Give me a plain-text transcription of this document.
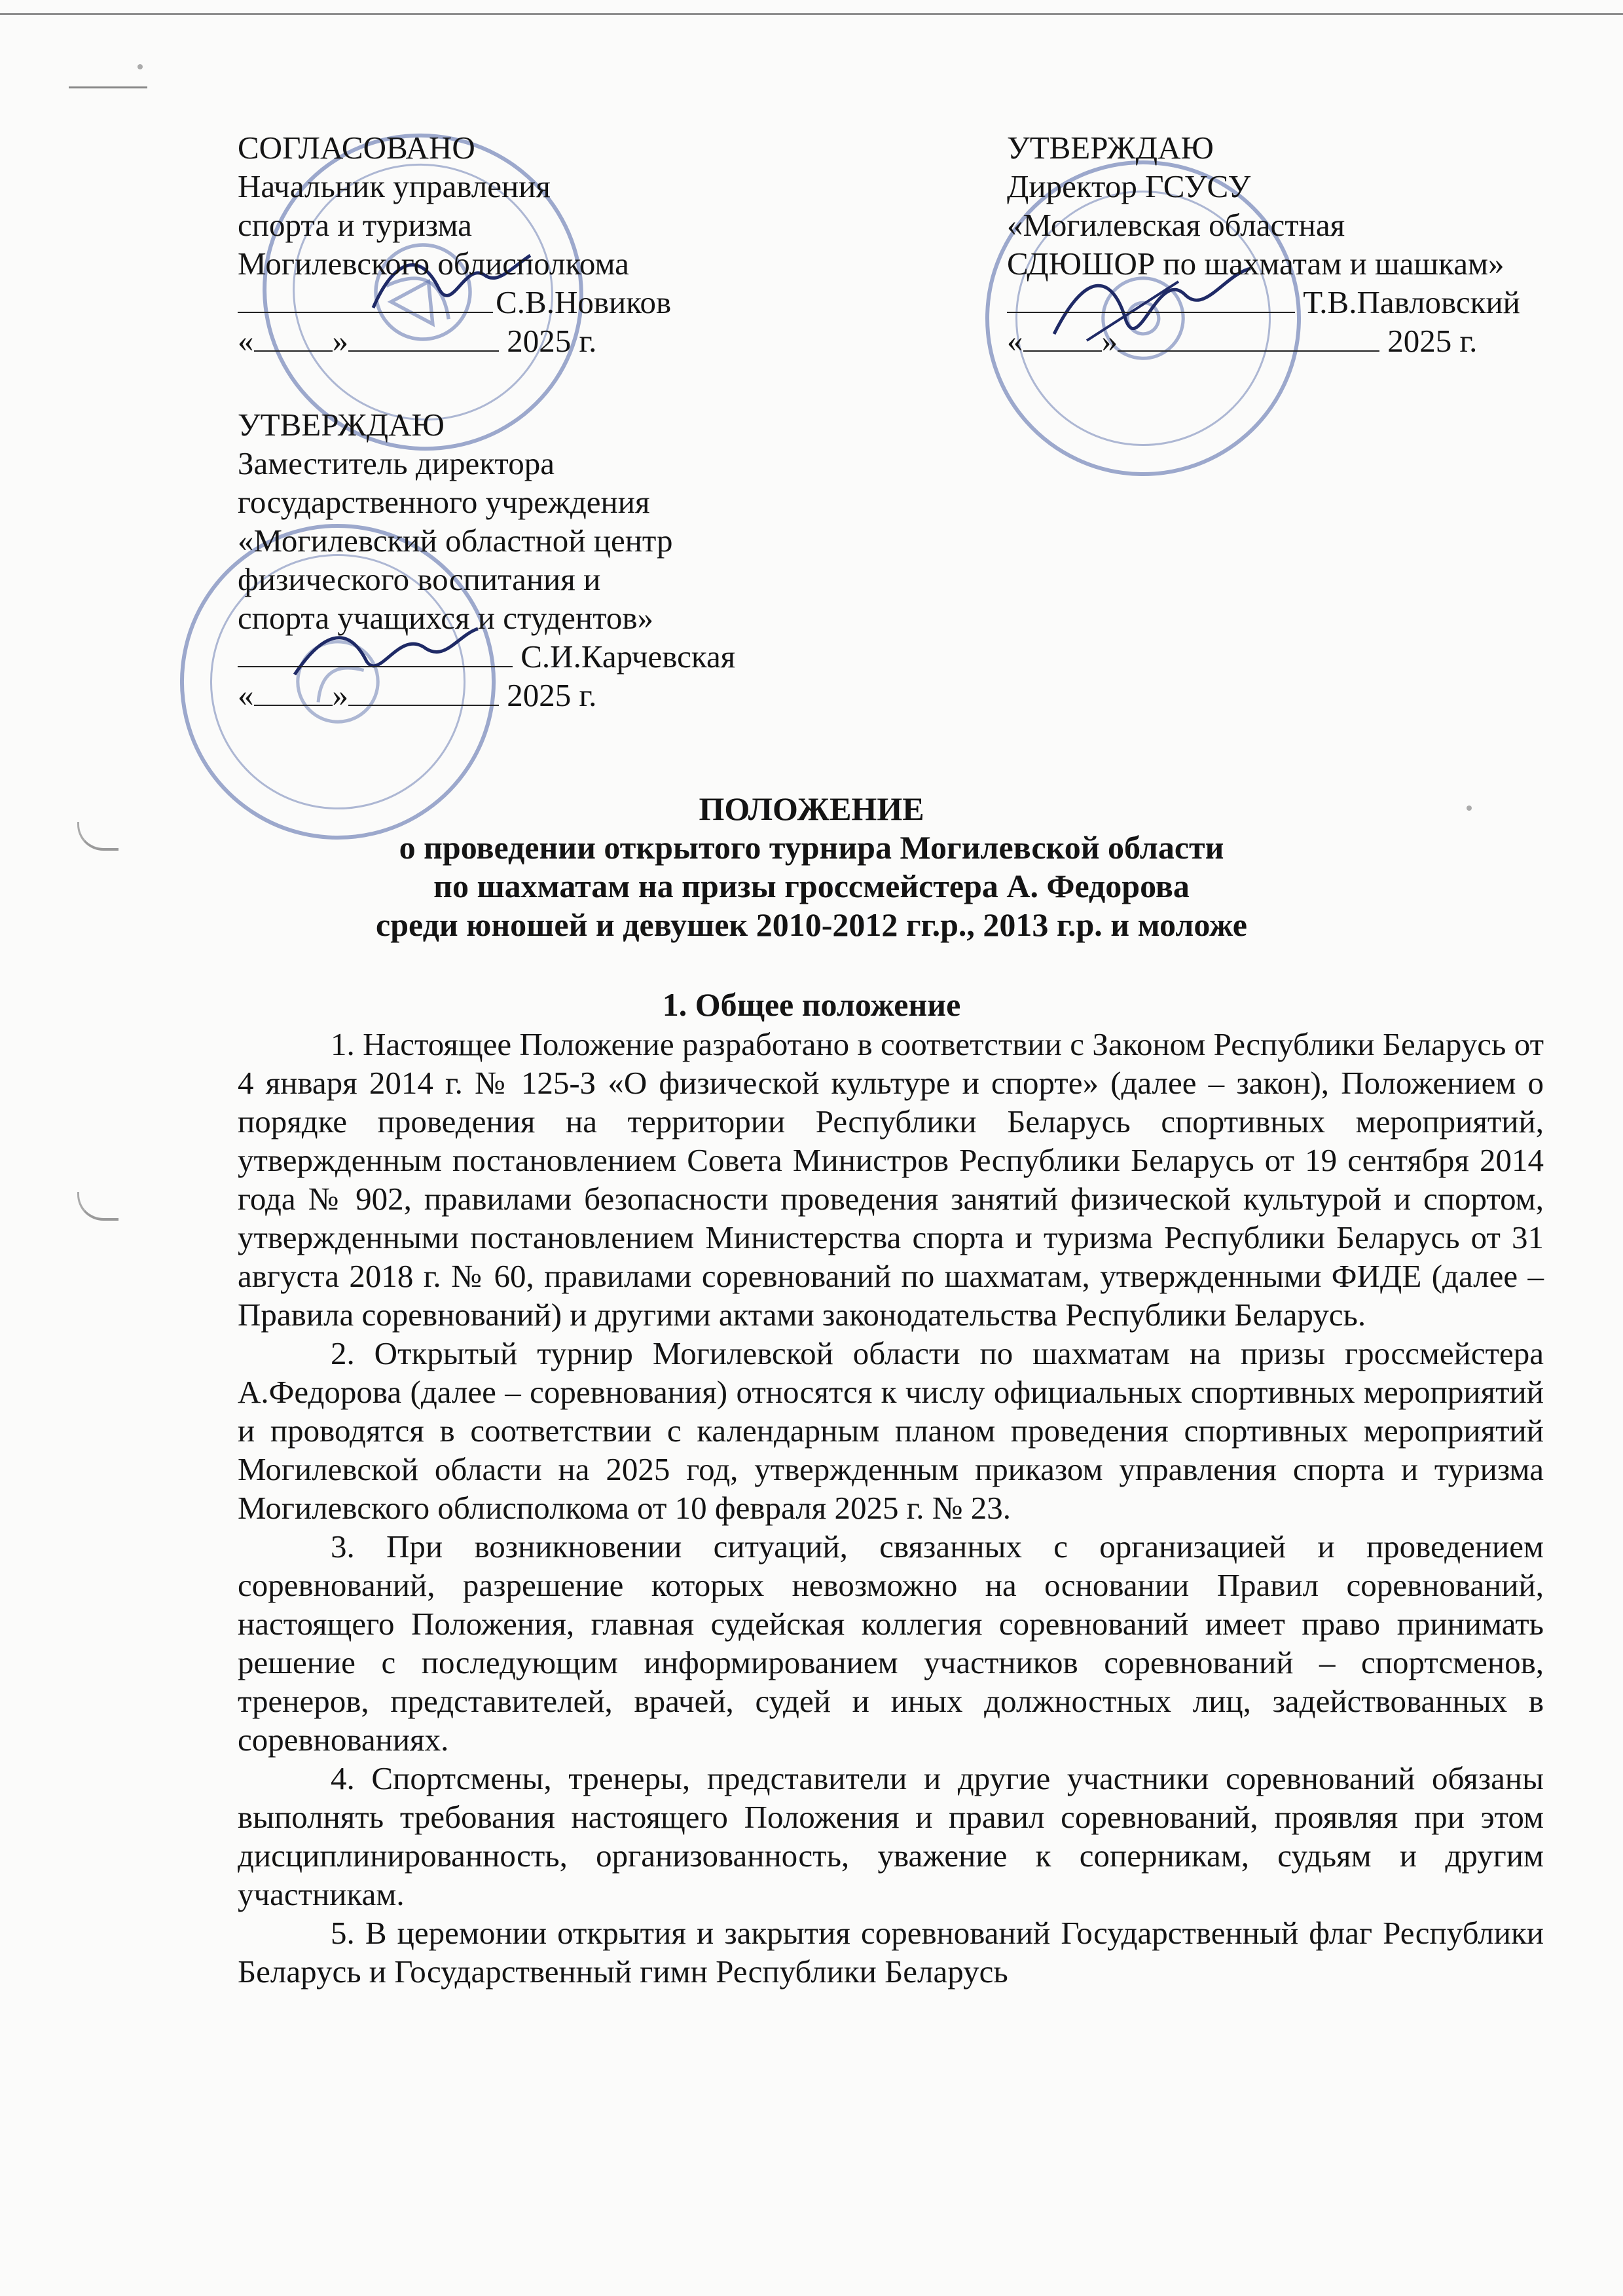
СОГЛАСОВАНО
Начальник управления
спорта и туризма
Могилевского облисполкома
 С.В.Новиков
« »	2025 г.
УТВЕРЖДАЮ
Директор ГСУСУ
«Могилевская областная
СДЮШОР по шахматам и шашкам»
Т.В.Павловский
« »	2025 г.
УТВЕРЖДАЮ
Заместитель директора
государственного учреждения
«Могилевский областной центр
физического воспитания и
спорта учащихся и студентов»
С.И.Карчевская
« »	2025 г.
ПОЛОЖЕНИЕ
о проведении открытого турнира Могилевской области
по шахматам на призы гроссмейстера А. Федорова
среди юношей и девушек 2010-2012 гг.р., 2013 г.р. и моложе
1. Общее положение

1. Настоящее Положение разработано в соответствии с Законом Республики Беларусь от 4 января 2014 г. № 125-З «О физической культуре и спорте» (далее – закон), Положением о порядке проведения на территории Республики Беларусь спортивных мероприятий, утвержденным постановлением Совета Министров Республики Беларусь от 19 сентября 2014 года № 902, правилами безопасности проведения занятий физической культурой и спортом, утвержденными постановлением Министерства спорта и туризма Республики Беларусь от 31 августа 2018 г. № 60, правилами соревнований по шахматам, утвержденными ФИДЕ (далее – Правила соревнований) и другими актами законодательства Республики Беларусь.

2. Открытый турнир Могилевской области по шахматам на призы гроссмейстера А.Федорова (далее – соревнования) относятся к числу официальных спортивных мероприятий и проводятся в соответствии с календарным планом проведения спортивных мероприятий Могилевской области на 2025 год, утвержденным приказом управления спорта и туризма Могилевского облисполкома от 10 февраля 2025 г. № 23.

3. При возникновении ситуаций, связанных с организацией и проведением соревнований, разрешение которых невозможно на основании Правил соревнований, настоящего Положения, главная судейская коллегия соревнований имеет право принимать решение с последующим информированием участников соревнований – спортсменов, тренеров, представителей, врачей, судей и иных должностных лиц, задействованных в соревнованиях.

4. Спортсмены, тренеры, представители и другие участники соревнований обязаны выполнять требования настоящего Положения и правил соревнований, проявляя при этом дисциплинированность, организованность, уважение к соперникам, судьям и другим участникам.

5. В церемонии открытия и закрытия соревнований Государственный флаг Республики Беларусь и Государственный гимн Республики Беларусь
